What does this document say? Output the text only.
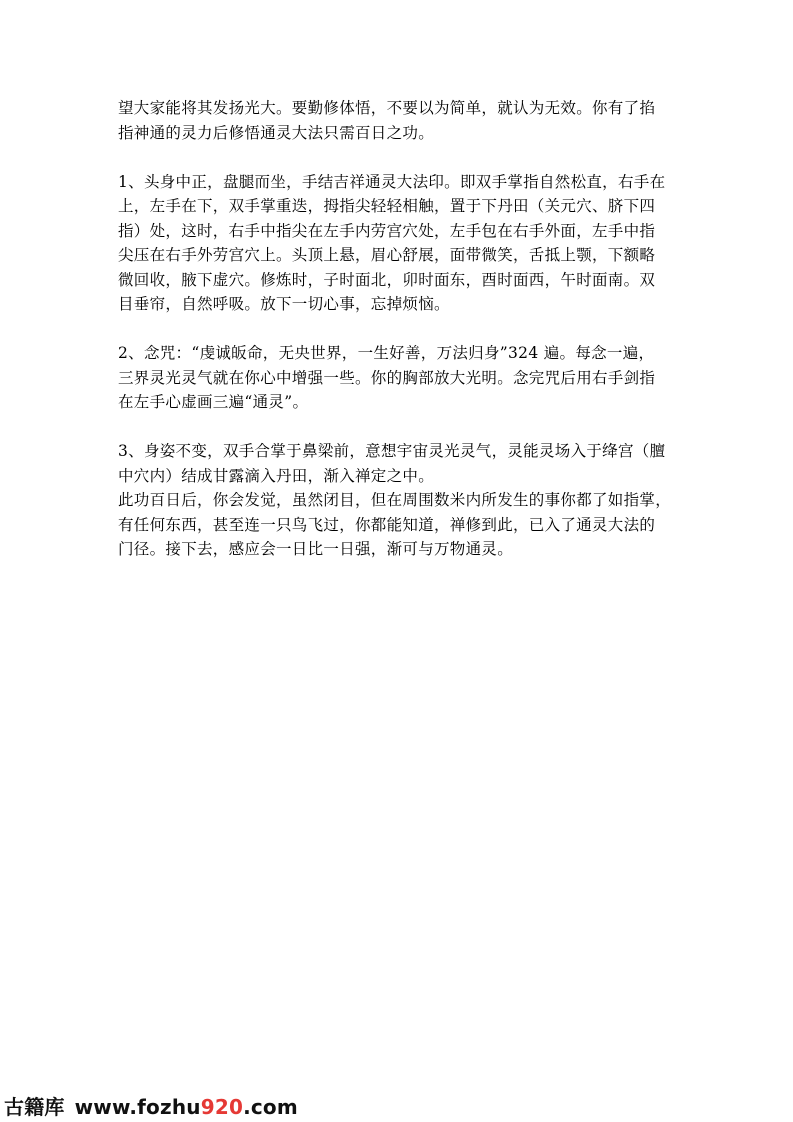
望大家能将其发扬光大。要勤修体悟，不要以为简单，就认为无效。你有了掐
指神通的灵力后修悟通灵大法只需百日之功。

1、头身中正，盘腿而坐，手结吉祥通灵大法印。即双手掌指自然松直，右手在
上，左手在下，双手掌重迭，拇指尖轻轻相触，置于下丹田（关元穴、脐下四
指）处，这时，右手中指尖在左手内劳宫穴处，左手包在右手外面，左手中指
尖压在右手外劳宫穴上。头顶上悬，眉心舒展，面带微笑，舌抵上颚，下额略
微回收，腋下虚穴。修炼时，子时面北，卯时面东，酉时面西，午时面南。双
目垂帘，自然呼吸。放下一切心事，忘掉烦恼。

2、念咒：“虔诚皈命，无央世界，一生好善，万法归身”324 遍。每念一遍，
三界灵光灵气就在你心中增强一些。你的胸部放大光明。念完咒后用右手剑指
在左手心虚画三遍“通灵”。

3、身姿不变，双手合掌于鼻梁前，意想宇宙灵光灵气，灵能灵场入于绛宫（膻
中穴内）结成甘露滴入丹田，渐入禅定之中。
此功百日后，你会发觉，虽然闭目，但在周围数米内所发生的事你都了如指掌，
有任何东西，甚至连一只鸟飞过，你都能知道，禅修到此，已入了通灵大法的
门径。接下去，感应会一日比一日强，渐可与万物通灵。

古籍库 www.fozhu 920 .com
